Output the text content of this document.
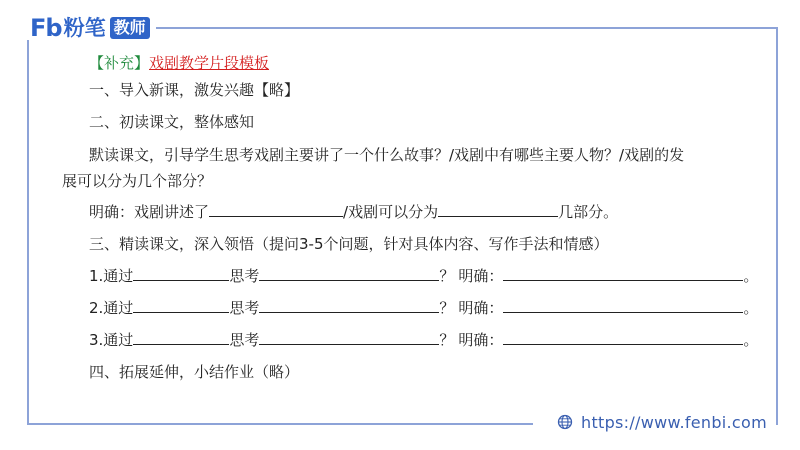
Fb 粉笔 教师
【补充】戏剧教学片段模板
一、导入新课，激发兴趣【略】
二、初读课文，整体感知
默读课文，引导学生思考戏剧主要讲了一个什么故事？/戏剧中有哪些主要人物？/戏剧的发
展可以分为几个部分？
明确：戏剧讲述了	/戏剧可以分为	几部分。
三、精读课文，深入领悟（提问3-5个问题，针对具体内容、写作手法和情感）
1.通过	思考	？ 明确：	。
2.通过	思考	？ 明确：	。
3.通过	思考	？ 明确：	。
四、拓展延伸，小结作业（略）
https://www.fenbi.com
